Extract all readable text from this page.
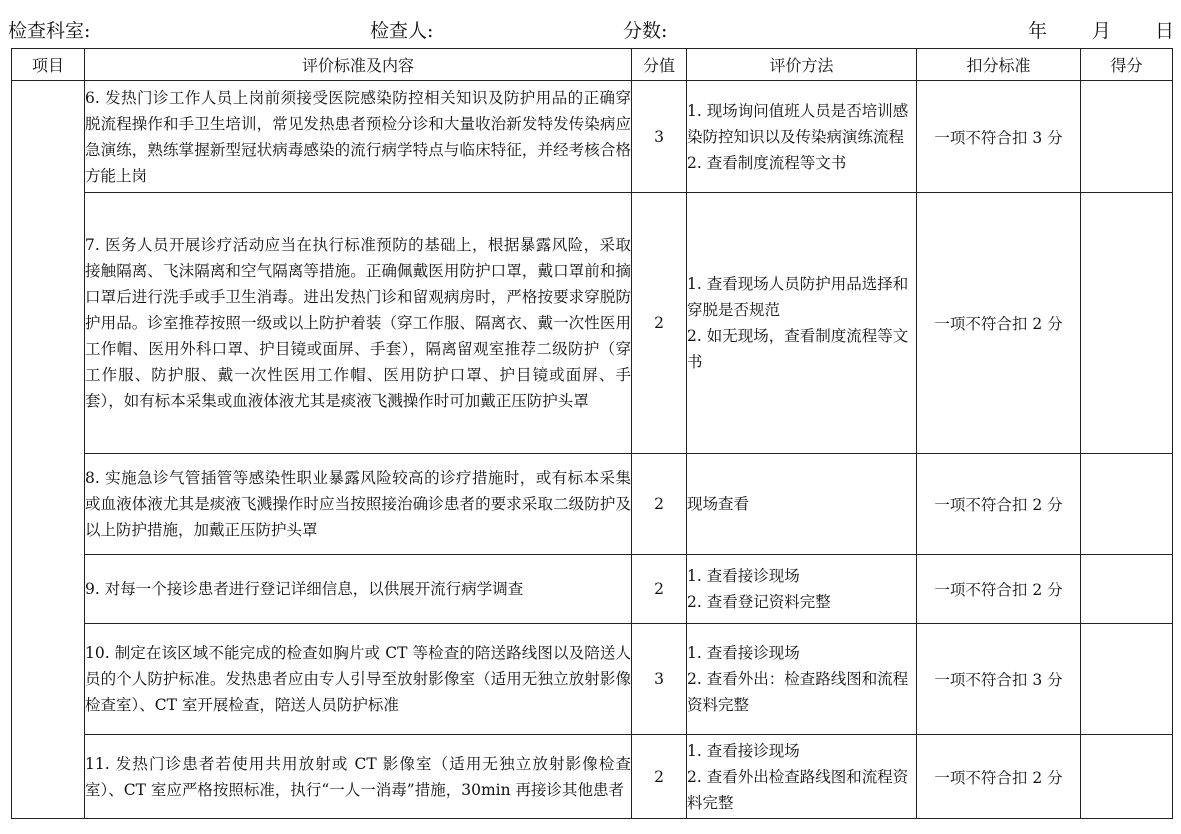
检查科室:	检查人:	分数:	年 月 日
项目	评价标准及内容	分值	评价方法	扣分标准	得分
	6. 发热门诊工作人员上岗前须接受医院感染防控相关知识及防护用品的正确穿脱流程操作和手卫生培训，常见发热患者预检分诊和大量收治新发特发传染病应急演练，熟练掌握新型冠状病毒感染的流行病学特点与临床特征，并经考核合格方能上岗	3	1. 现场询问值班人员是否培训感染防控知识以及传染病演练流程
2. 查看制度流程等文书	一项不符合扣 3 分	
	7. 医务人员开展诊疗活动应当在执行标准预防的基础上，根据暴露风险，采取接触隔离、飞沫隔离和空气隔离等措施。正确佩戴医用防护口罩，戴口罩前和摘口罩后进行洗手或手卫生消毒。进出发热门诊和留观病房时，严格按要求穿脱防护用品。诊室推荐按照一级或以上防护着装（穿工作服、隔离衣、戴一次性医用工作帽、医用外科口罩、护目镜或面屏、手套），隔离留观室推荐二级防护（穿工作服、防护服、戴一次性医用工作帽、医用防护口罩、护目镜或面屏、手套），如有标本采集或血液体液尤其是痰液飞溅操作时可加戴正压防护头罩	2	1. 查看现场人员防护用品选择和穿脱是否规范
2. 如无现场，查看制度流程等文书	一项不符合扣 2 分	
	8. 实施急诊气管插管等感染性职业暴露风险较高的诊疗措施时，或有标本采集或血液体液尤其是痰液飞溅操作时应当按照接治确诊患者的要求采取二级防护及以上防护措施，加戴正压防护头罩	2	现场查看	一项不符合扣 2 分	
	9. 对每一个接诊患者进行登记详细信息，以供展开流行病学调查	2	1. 查看接诊现场
2. 查看登记资料完整	一项不符合扣 2 分	
	10. 制定在该区域不能完成的检查如胸片或 CT 等检查的陪送路线图以及陪送人员的个人防护标准。发热患者应由专人引导至放射影像室（适用无独立放射影像检查室）、CT 室开展检查，陪送人员防护标准	3	1. 查看接诊现场
2. 查看外出：检查路线图和流程资料完整	一项不符合扣 3 分	
	11. 发热门诊患者若使用共用放射或 CT 影像室（适用无独立放射影像检查室）、CT 室应严格按照标准，执行“一人一消毒”措施，30min 再接诊其他患者	2	1. 查看接诊现场
2. 查看外出检查路线图和流程资料完整	一项不符合扣 2 分	
